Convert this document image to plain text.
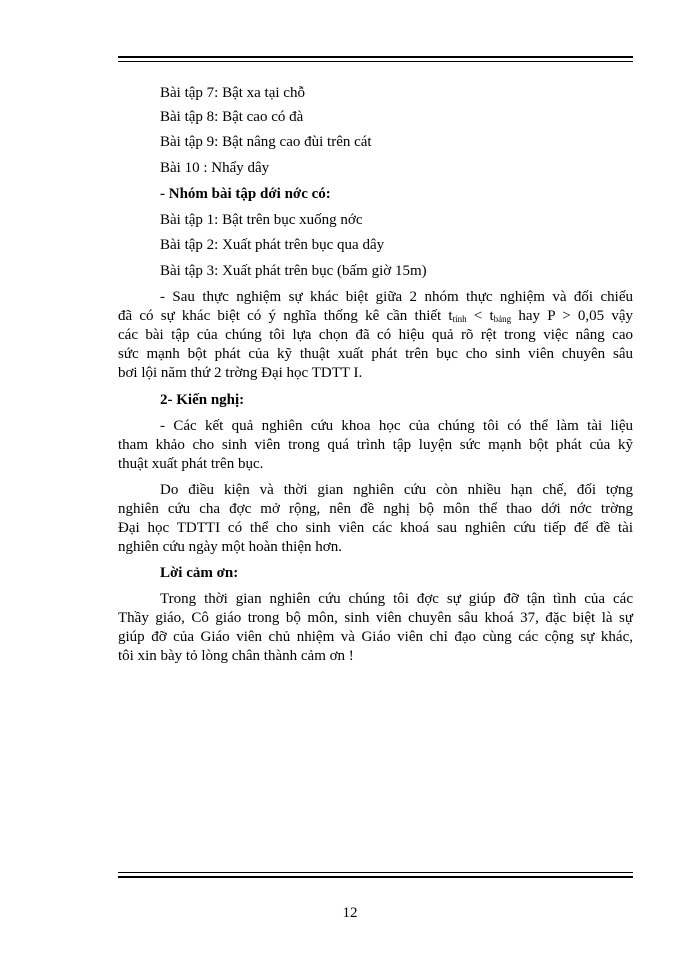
Bài tập 7: Bật xa tại chỗ
Bài tập 8: Bật cao có đà
Bài tập 9: Bật nâng cao đùi trên cát
Bài 10 : Nhẩy dây
- Nhóm bài tập dới nớc có:
Bài tập 1: Bật trên bục xuống nớc
Bài tập 2: Xuất phát trên bục qua dây
Bài tập 3: Xuất phát trên bục (bấm giờ 15m)
- Sau thực nghiệm sự khác biệt giữa 2 nhóm thực nghiệm và đối chiếu
đã có sự khác biệt có ý nghĩa thống kê cần thiết $t_{tính} < t_{bảng}$ hay P > 0,05 vậy
các bài tập của chúng tôi lựa chọn đã có hiệu quả rõ rệt trong việc nâng cao
sức mạnh bột phát của kỹ thuật xuất phát trên bục cho sinh viên chuyên sâu
bơi lội năm thứ 2 trờng Đại học TDTT I.
2- Kiến nghị:
- Các kết quả nghiên cứu khoa học của chúng tôi có thể làm tài liệu
tham khảo cho sinh viên trong quá trình tập luyện sức mạnh bột phát của kỹ
thuật xuất phát trên bục.
Do điều kiện và thời gian nghiên cứu còn nhiều hạn chế, đối tợng
nghiên cứu cha đợc mở rộng, nên đề nghị bộ môn thể thao dới nớc trờng
Đại học TDTTI có thể cho sinh viên các khoá sau nghiên cứu tiếp để đề tài
nghiên cứu ngày một hoàn thiện hơn.
Lời cảm ơn:
Trong thời gian nghiên cứu chúng tôi đợc sự giúp đỡ tận tình của các
Thầy giáo, Cô giáo trong bộ môn, sinh viên chuyên sâu khoá 37, đặc biệt là sự
giúp đỡ của Giáo viên chủ nhiệm và Giáo viên chỉ đạo cùng các cộng sự khác,
tôi xin bày tỏ lòng chân thành cảm ơn !
12
